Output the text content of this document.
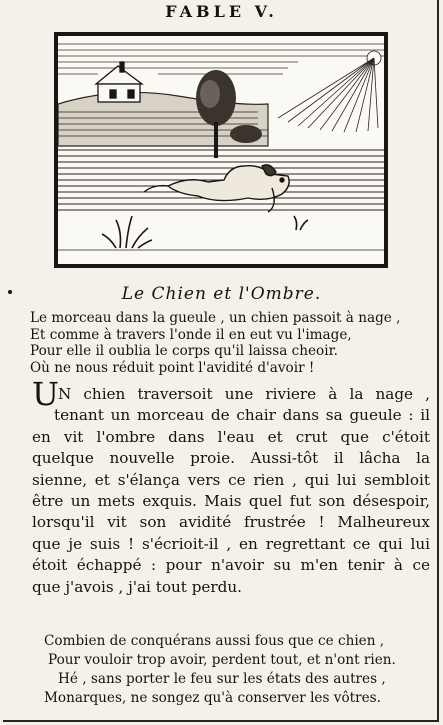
FABLE V.
Le Chien et l'Ombre.
Le morceau dans la gueule , un chien passoit à nage ,
Et comme à travers l'onde il en eut vu l'image,
Pour elle il oublia le corps qu'il laissa cheoir.
Où ne nous réduit point l'avidité d'avoir !
U N chien traversoit une riviere à la nage ,
tenant un morceau de chair dans sa gueule : il
en vit l'ombre dans l'eau et crut que c'étoit
quelque nouvelle proie. Aussi-tôt il lâcha la
sienne, et s'élança vers ce rien , qui lui sembloit
être un mets exquis. Mais quel fut son désespoir,
lorsqu'il vit son avidité frustrée ! Malheureux
que je suis ! s'écrioit-il , en regrettant ce qui lui
étoit échappé : pour n'avoir su m'en tenir à ce
que j'avois , j'ai tout perdu.
Combien de conquérans aussi fous que ce chien ,
Pour vouloir trop avoir, perdent tout, et n'ont rien.
Hé , sans porter le feu sur les états des autres ,
Monarques, ne songez qu'à conserver les vôtres.
